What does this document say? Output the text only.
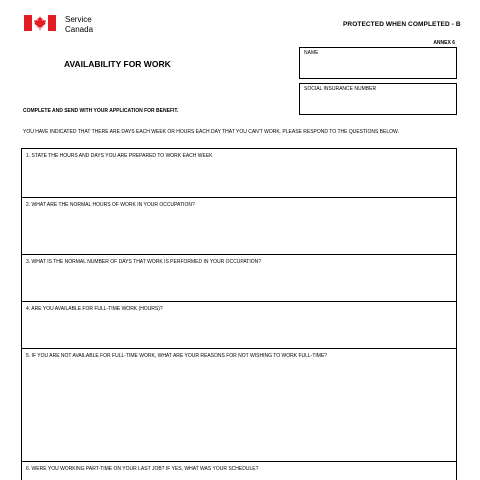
Service
Canada
PROTECTED WHEN COMPLETED - B
ANNEX 6
AVAILABILITY FOR WORK
NAME
SOCIAL INSURANCE NUMBER
COMPLETE AND SEND WITH YOUR APPLICATION FOR BENEFIT.
YOU HAVE INDICATED THAT THERE ARE DAYS EACH WEEK OR HOURS EACH DAY THAT YOU CAN'T WORK. PLEASE RESPOND TO THE QUESTIONS BELOW.
1. STATE THE HOURS AND DAYS YOU ARE PREPARED TO WORK EACH WEEK
2. WHAT ARE THE NORMAL HOURS OF WORK IN YOUR OCCUPATION?
3. WHAT IS THE NORMAL NUMBER OF DAYS THAT WORK IS PERFORMED IN YOUR OCCUPATION?
4. ARE YOU AVAILABLE FOR FULL-TIME WORK (HOURS)?
5. IF YOU ARE NOT AVAILABLE FOR FULL-TIME WORK, WHAT ARE YOUR REASONS FOR NOT WISHING TO WORK FULL-TIME?
6. WERE YOU WORKING PART-TIME ON YOUR LAST JOB? IF YES, WHAT WAS YOUR SCHEDULE?
